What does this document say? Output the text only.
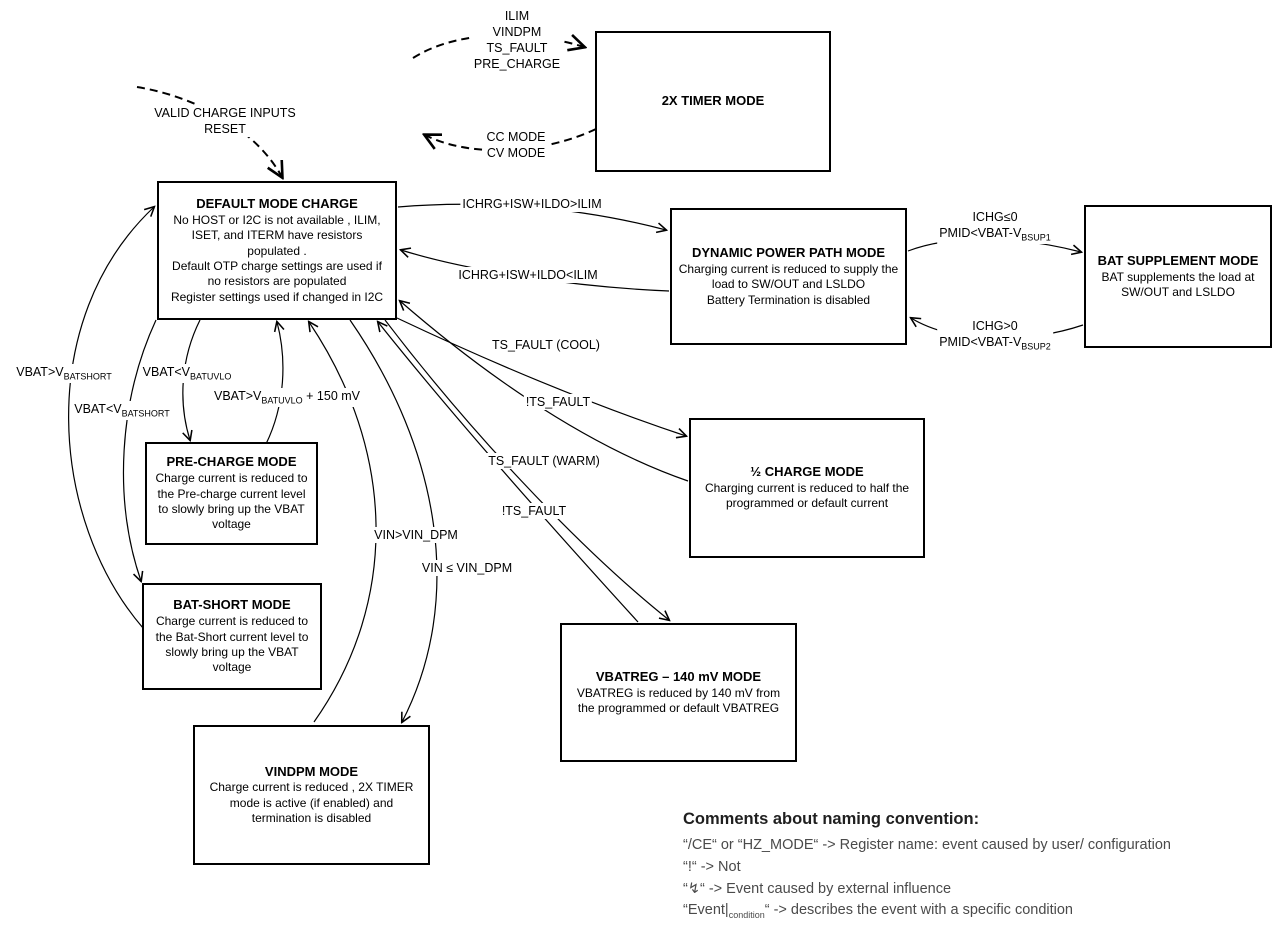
2X TIMER MODE
DEFAULT MODE CHARGE
No HOST or I2C is not available , ILIM, ISET, and ITERM have resistors populated .
Default OTP charge settings are used if no resistors are populated
Register settings used if changed in I2C
DYNAMIC POWER PATH MODE
Charging current is reduced to supply the load to SW/OUT and LSLDO
Battery Termination is disabled
BAT SUPPLEMENT MODE
BAT supplements the load at SW/OUT and LSLDO
PRE-CHARGE MODE
Charge current is reduced to the Pre-charge current level to slowly bring up the VBAT voltage
BAT-SHORT MODE
Charge current is reduced to the Bat-Short current level to slowly bring up the VBAT voltage
VINDPM MODE
Charge current is reduced , 2X TIMER mode is active (if enabled) and termination is disabled
½ CHARGE MODE
Charging current is reduced to half the programmed or default current
VBATREG – 140 mV MODE
VBATREG is reduced by 140 mV from the programmed or default VBATREG
ILIM
VINDPM
TS_FAULT
PRE_CHARGE
CC MODE
CV MODE
VALID CHARGE INPUTS
RESET
ICHRG+ISW+ILDO>ILIM
ICHRG+ISW+ILDO<ILIM
ICHG≤0
$PMID<VBAT-V_{BSUP1}$
ICHG>0
$PMID<VBAT-V_{BSUP2}$
$VBAT>V_{BATSHORT}$
$VBAT<V_{BATSHORT}$
$VBAT<V_{BATUVLO}$
$VBAT>V_{BATUVLO} + 150$ mV
TS_FAULT (COOL)
!TS_FAULT
TS_FAULT (WARM)
!TS_FAULT
VIN>VIN_DPM
VIN ≤ VIN_DPM
Comments about naming convention:
“/CE“ or “HZ_MODE“ -> Register name: event caused by user/ configuration
“!“ -> Not
“↯“ -> Event caused by external influence
“$Event|_{condition}“$ -> describes the event with a specific condition
